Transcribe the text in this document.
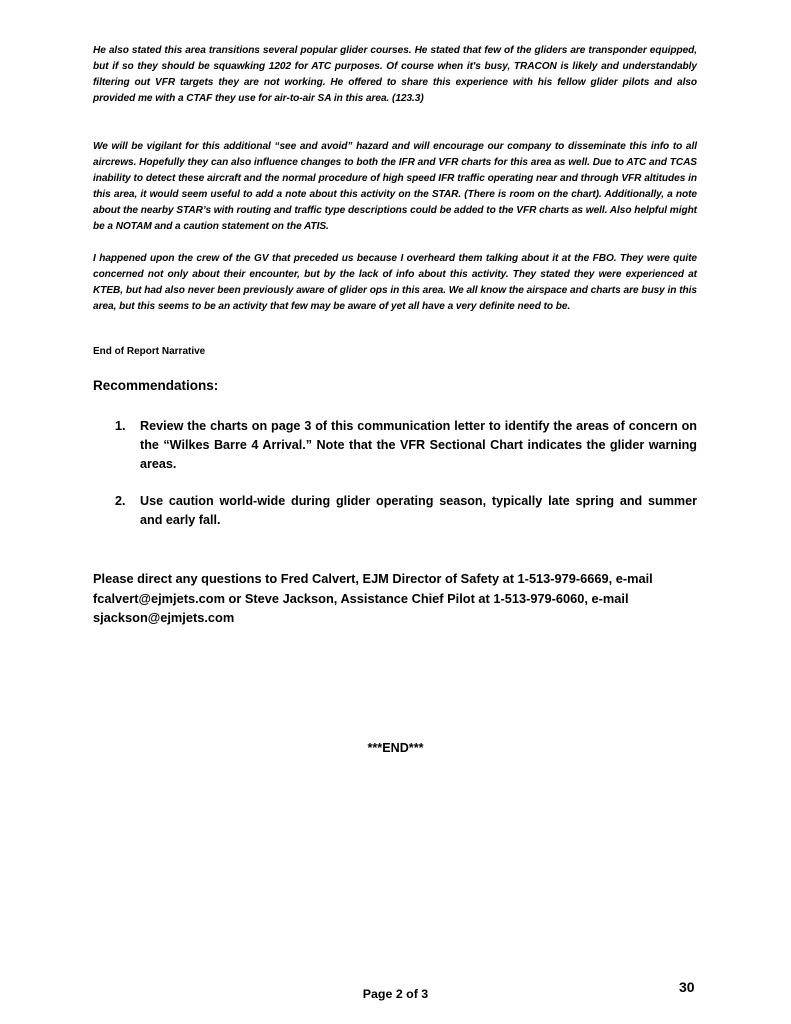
He also stated this area transitions several popular glider courses. He stated that few of the gliders are transponder equipped, but if so they should be squawking 1202 for ATC purposes. Of course when it's busy, TRACON is likely and understandably filtering out VFR targets they are not working. He offered to share this experience with his fellow glider pilots and also provided me with a CTAF they use for air-to-air SA in this area. (123.3)

We will be vigilant for this additional “see and avoid” hazard and will encourage our company to disseminate this info to all aircrews. Hopefully they can also influence changes to both the IFR and VFR charts for this area as well. Due to ATC and TCAS inability to detect these aircraft and the normal procedure of high speed IFR traffic operating near and through VFR altitudes in this area, it would seem useful to add a note about this activity on the STAR. (There is room on the chart). Additionally, a note about the nearby STAR’s with routing and traffic type descriptions could be added to the VFR charts as well. Also helpful might be a NOTAM and a caution statement on the ATIS.

I happened upon the crew of the GV that preceded us because I overheard them talking about it at the FBO. They were quite concerned not only about their encounter, but by the lack of info about this activity. They stated they were experienced at KTEB, but had also never been previously aware of glider ops in this area. We all know the airspace and charts are busy in this area, but this seems to be an activity that few may be aware of yet all have a very definite need to be.

End of Report Narrative

Recommendations:
1. Review the charts on page 3 of this communication letter to identify the areas of concern on the “Wilkes Barre 4 Arrival.” Note that the VFR Sectional Chart indicates the glider warning areas.
2. Use caution world-wide during glider operating season, typically late spring and summer and early fall.

Please direct any questions to Fred Calvert, EJM Director of Safety at 1-513-979-6669, e-mail fcalvert@ejmjets.com or Steve Jackson, Assistance Chief Pilot at 1-513-979-6060, e-mail sjackson@ejmjets.com

***END***

Page 2 of 3	30
